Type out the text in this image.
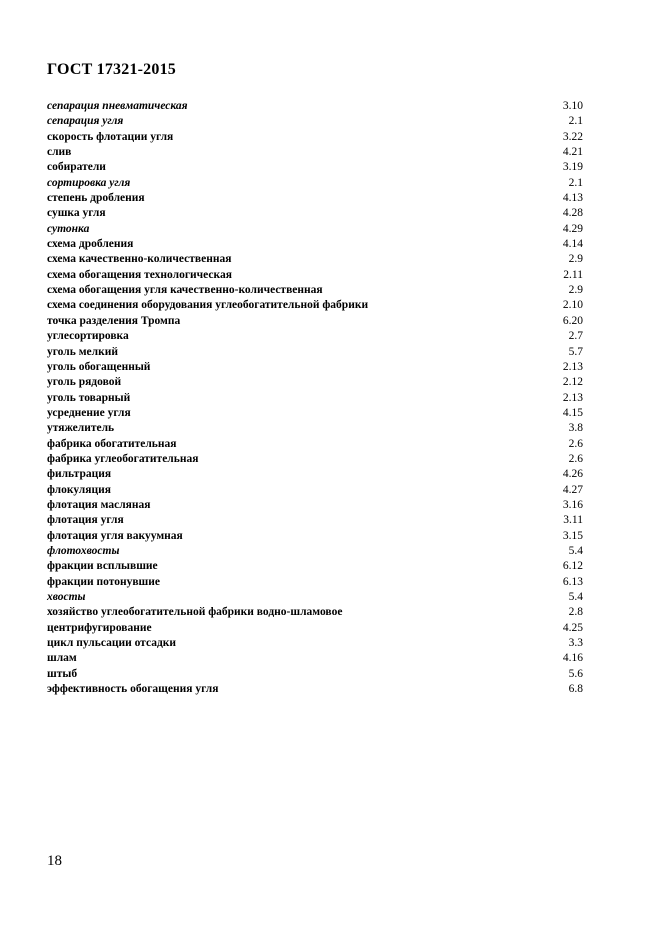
ГОСТ 17321-2015
сепарация пневматическая	3.10
сепарация угля	2.1
скорость флотации угля	3.22
слив	4.21
собиратели	3.19
сортировка угля	2.1
степень дробления	4.13
сушка угля	4.28
сутонка	4.29
схема дробления	4.14
схема качественно-количественная	2.9
схема обогащения технологическая	2.11
схема обогащения угля качественно-количественная	2.9
схема соединения оборудования углеобогатительной фабрики	2.10
точка разделения Тромпа	6.20
углесортировка	2.7
уголь мелкий	5.7
уголь обогащенный	2.13
уголь рядовой	2.12
уголь товарный	2.13
усреднение угля	4.15
утяжелитель	3.8
фабрика обогатительная	2.6
фабрика углеобогатительная	2.6
фильтрация	4.26
флокуляция	4.27
флотация масляная	3.16
флотация угля	3.11
флотация угля вакуумная	3.15
флотохвосты	5.4
фракции всплывшие	6.12
фракции потонувшие	6.13
хвосты	5.4
хозяйство углеобогатительной фабрики водно-шламовое	2.8
центрифугирование	4.25
цикл пульсации отсадки	3.3
шлам	4.16
штыб	5.6
эффективность обогащения угля	6.8
18
